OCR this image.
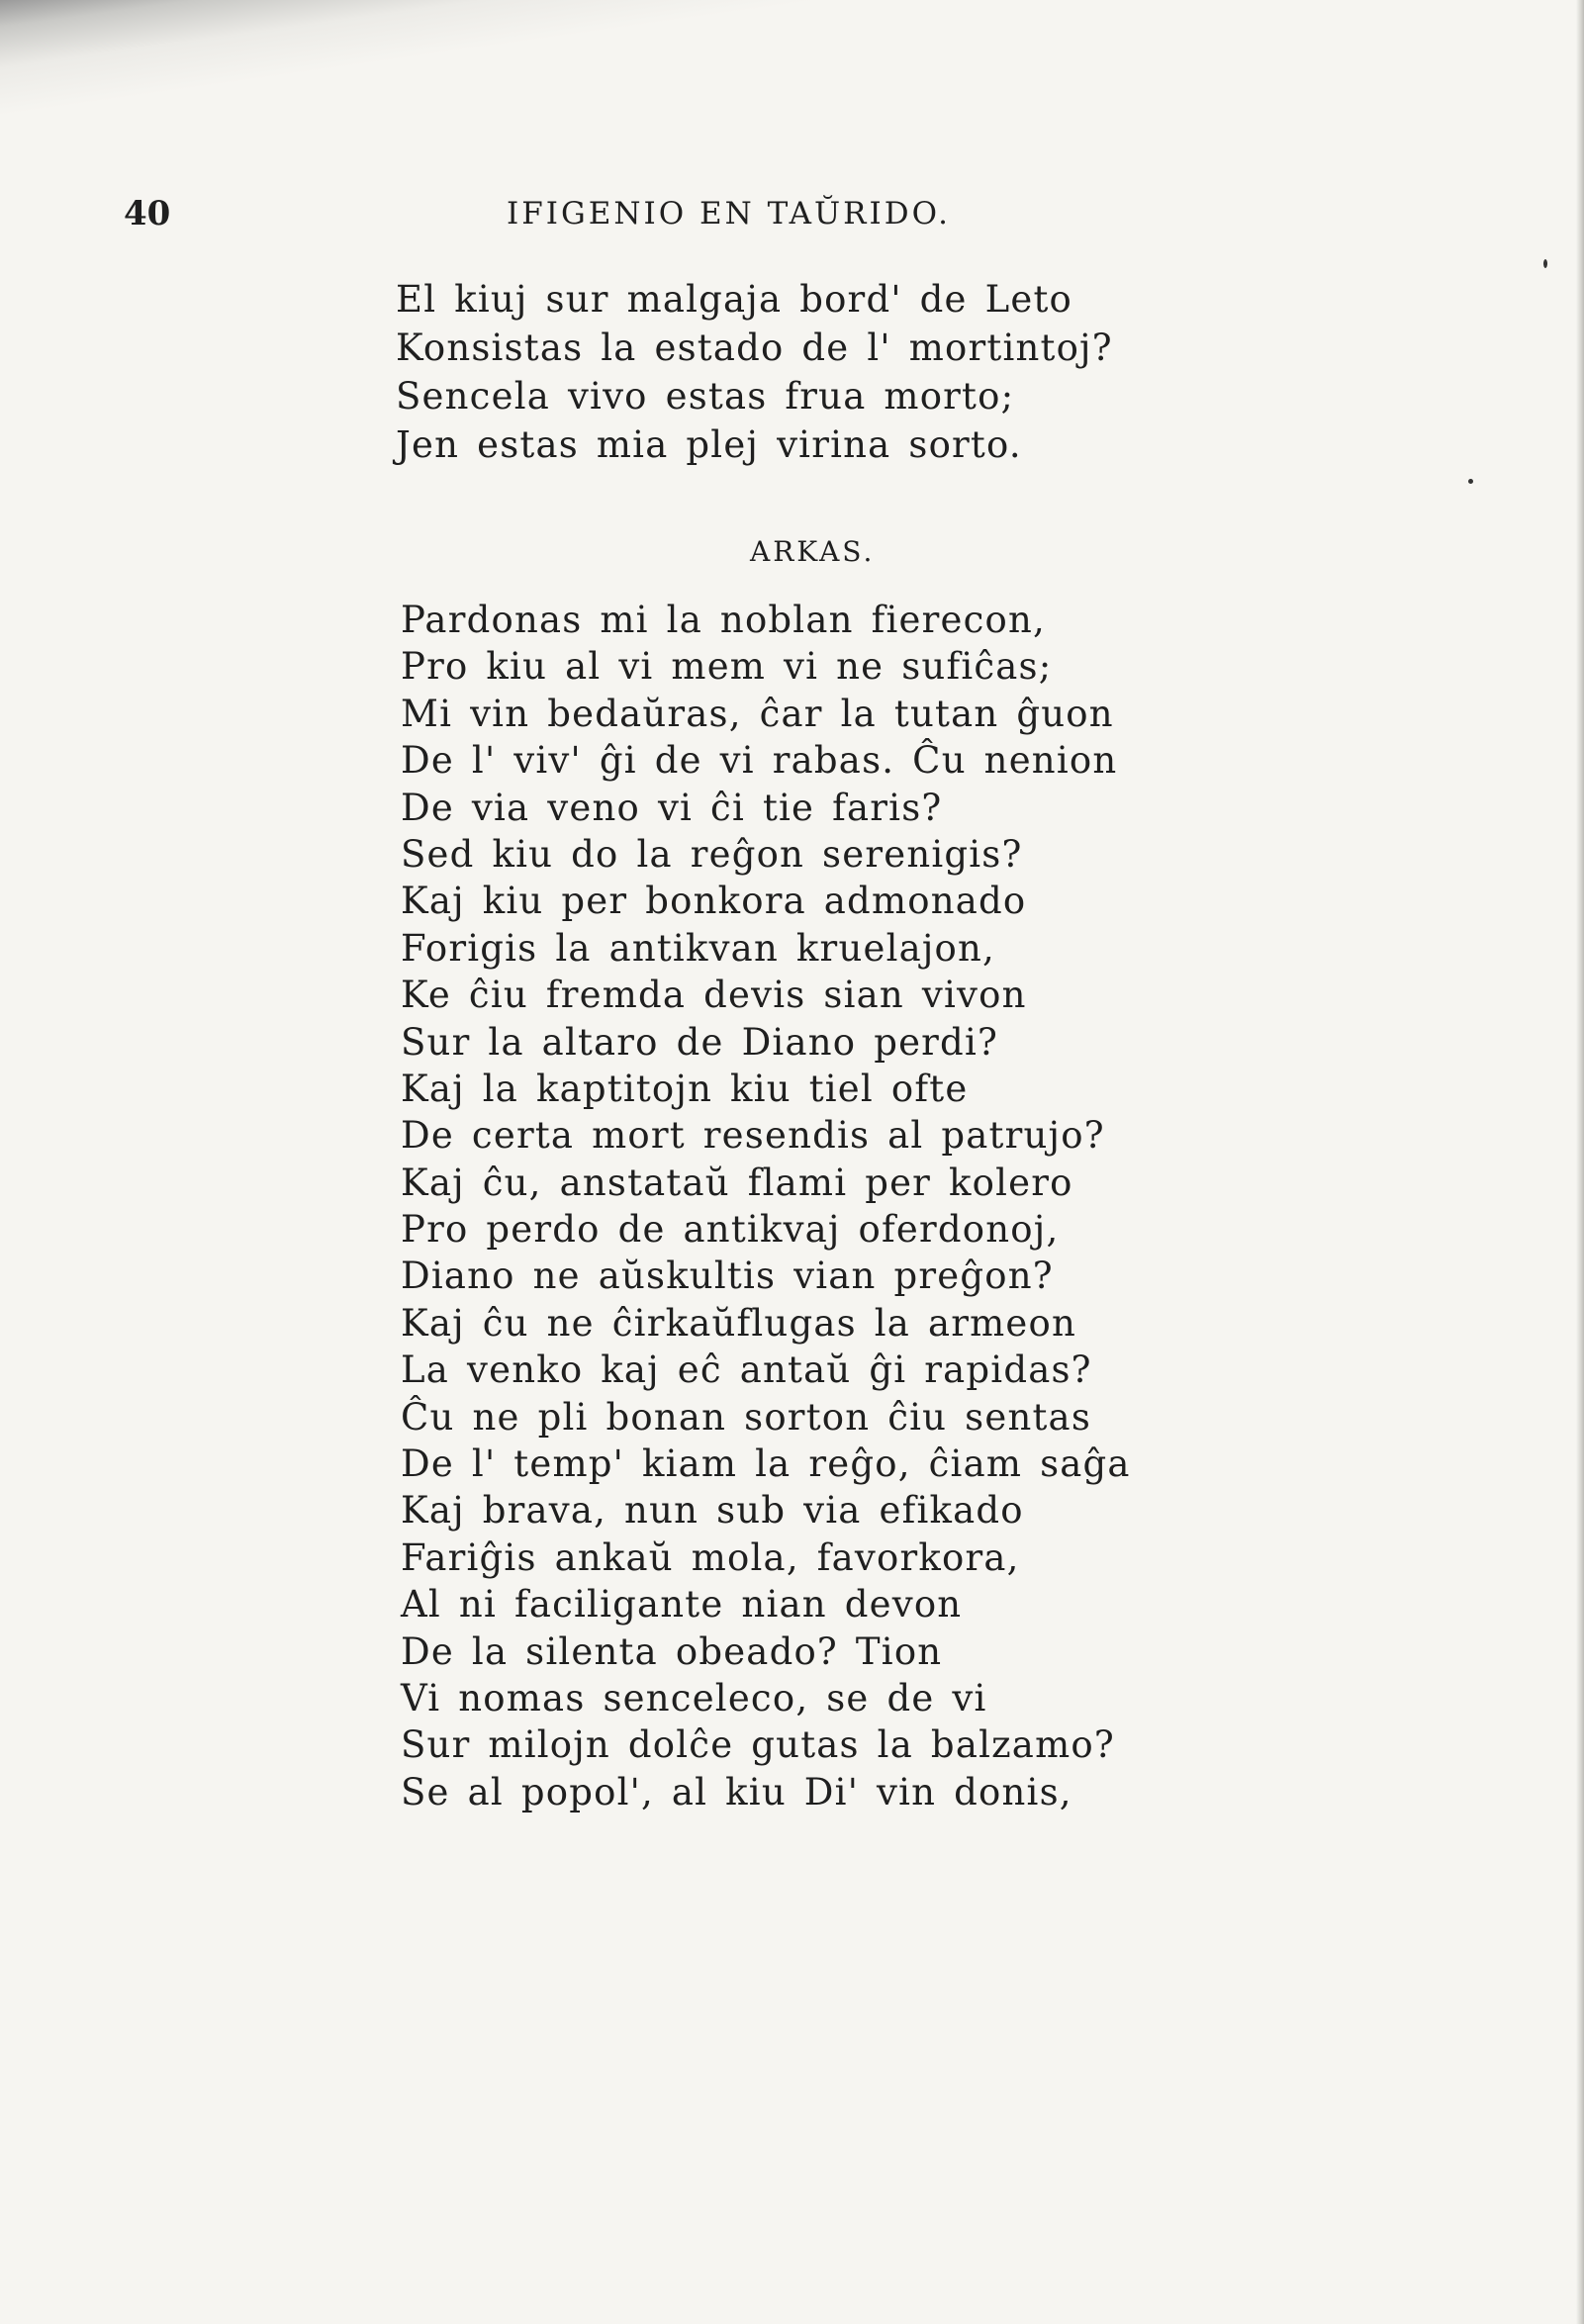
40	IFIGENIO EN TAŬRIDO.
El kiuj sur malgaja bord' de Leto
Konsistas la estado de l' mortintoj?
Sencela vivo estas frua morto;
Jen estas mia plej virina sorto.
ARKAS.
Pardonas mi la noblan fierecon,
Pro kiu al vi mem vi ne sufiĉas;
Mi vin bedaŭras, ĉar la tutan ĝuon
De l' viv' ĝi de vi rabas. Ĉu nenion
De via veno vi ĉi tie faris?
Sed kiu do la reĝon serenigis?
Kaj kiu per bonkora admonado
Forigis la antikvan kruelajon,
Ke ĉiu fremda devis sian vivon
Sur la altaro de Diano perdi?
Kaj la kaptitojn kiu tiel ofte
De certa mort resendis al patrujo?
Kaj ĉu, anstataŭ flami per kolero
Pro perdo de antikvaj oferdonoj,
Diano ne aŭskultis vian preĝon?
Kaj ĉu ne ĉirkaŭflugas la armeon
La venko kaj eĉ antaŭ ĝi rapidas?
Ĉu ne pli bonan sorton ĉiu sentas
De l' temp' kiam la reĝo, ĉiam saĝa
Kaj brava, nun sub via efikado
Fariĝis ankaŭ mola, favorkora,
Al ni faciligante nian devon
De la silenta obeado? Tion
Vi nomas senceleco, se de vi
Sur milojn dolĉe gutas la balzamo?
Se al popol', al kiu Di' vin donis,
